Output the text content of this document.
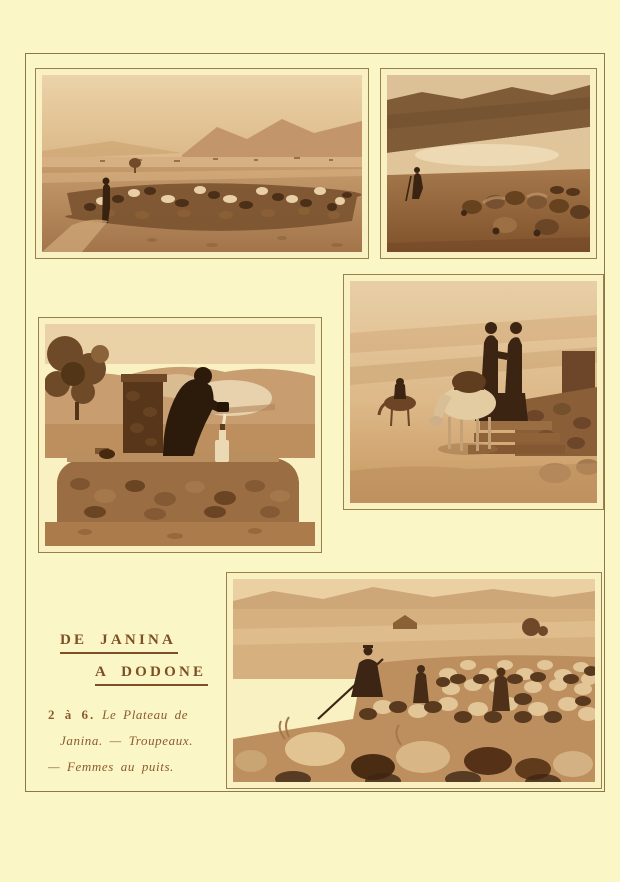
DE JANINA
A DODONE
2 à 6. Le Plateau de
Janina. — Troupeaux.
— Femmes au puits.
